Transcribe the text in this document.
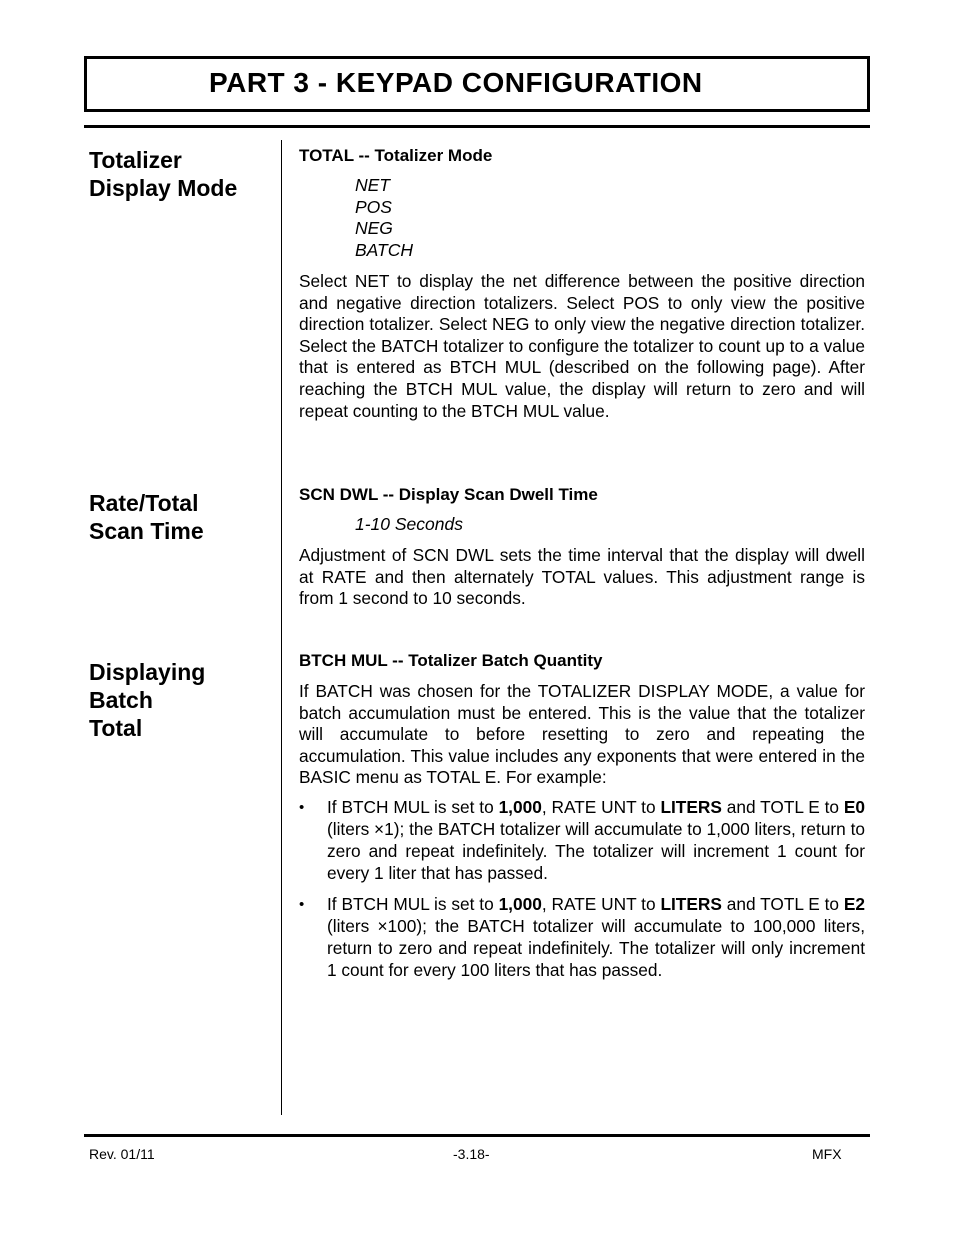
PART 3 - KEYPAD CONFIGURATION
Totalizer
Display Mode
TOTAL -- Totalizer Mode
NET
POS
NEG
BATCH
Select NET to display the net difference between the positive direction and negative direction totalizers. Select POS to only view the positive direction totalizer. Select NEG to only view the negative direction totalizer. Select the BATCH totalizer to configure the totalizer to count up to a value that is entered as BTCH MUL (described on the following page). After reaching the BTCH MUL value, the display will return to zero and will repeat counting to the BTCH MUL value.
Rate/Total
Scan Time
SCN DWL -- Display Scan Dwell Time
1-10 Seconds
Adjustment of SCN DWL sets the time interval that the display will dwell at RATE and then alternately TOTAL values. This adjustment range is from 1 second to 10 seconds.
Displaying
Batch
Total
BTCH MUL -- Totalizer Batch Quantity
If BATCH was chosen for the TOTALIZER DISPLAY MODE, a value for batch accumulation must be entered. This is the value that the totalizer will accumulate to before resetting to zero and repeating the accumulation. This value includes any exponents that were entered in the BASIC menu as TOTAL E. For example:
• If BTCH MUL is set to 1,000, RATE UNT to LITERS and TOTL E to E0 (liters ×1); the BATCH totalizer will accumulate to 1,000 liters, return to zero and repeat indefinitely. The totalizer will increment 1 count for every 1 liter that has passed.
• If BTCH MUL is set to 1,000, RATE UNT to LITERS and TOTL E to E2 (liters ×100); the BATCH totalizer will accumulate to 100,000 liters, return to zero and repeat indefinitely. The totalizer will only increment 1 count for every 100 liters that has passed.
Rev. 01/11	-3.18-	MFX
